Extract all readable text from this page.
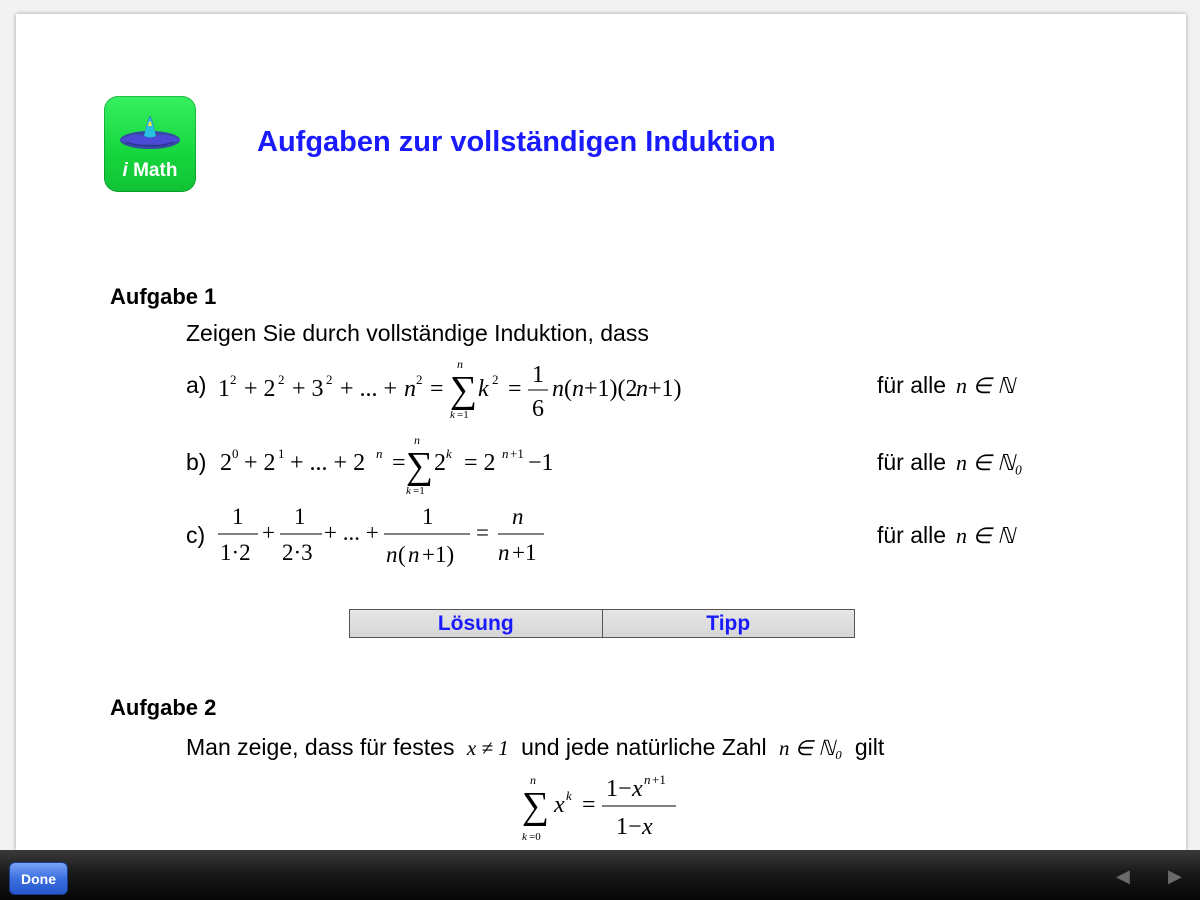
i Math
Aufgaben zur vollständigen Induktion
Aufgabe 1
Zeigen Sie durch vollständige Induktion, dass
a) 1 2 + 2 2 + 3 2 + ... + n 2 = ∑
n
k =1
k 2 =
1
6
n ( n +1)(2
n +1)	für alle n ∈ ℕ
b) 2 0 + 2 1 + ... + 2 n = ∑
n
k =1
2 k = 2 n +1 −1	für alle n ∈ ℕ₀
c)
1
1·2
+
1
2·3
+ ... +
1
n ( n +1)
=
n
n +1
für alle n ∈ ℕ
Lösung	Tipp
Aufgabe 2
Man zeige, dass für festes x ≠ 1 und jede natürliche Zahl n ∈ ℕ₀ gilt
∑
n
k =0
x k =
1− x n +1
1− x
Done	◀ ▶
